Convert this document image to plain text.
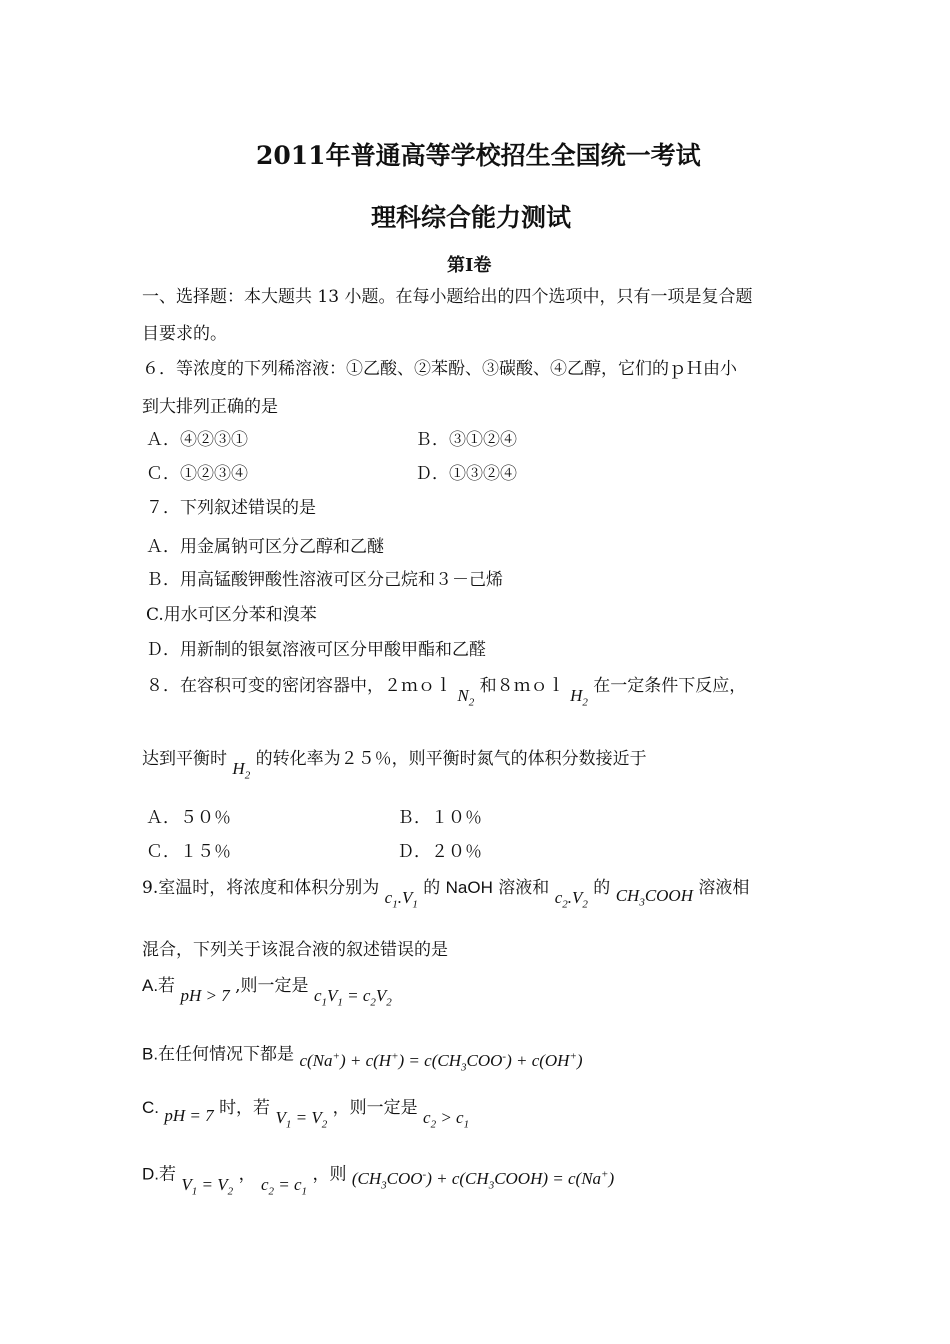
2011年普通高等学校招生全国统一考试
理科综合能力测试
第Ⅰ卷
一、选择题：本大题共 13 小题。在每小题给出的四个选项中，只有一项是复合题
目要求的。
６．等浓度的下列稀溶液：①乙酸、②苯酚、③碳酸、④乙醇，它们的ｐＨ由小
到大排列正确的是
Ａ．④②③①	Ｂ．③①②④
Ｃ．①②③④	Ｄ．①③②④
７．下列叙述错误的是
Ａ．用金属钠可区分乙醇和乙醚
Ｂ．用高锰酸钾酸性溶液可区分己烷和３－己烯
C.用水可区分苯和溴苯
Ｄ．用新制的银氨溶液可区分甲酸甲酯和乙醛
８．在容积可变的密闭容器中，２ｍｏｌ $N_2$ 和８ｍｏｌ $H_2$ 在一定条件下反应，
达到平衡时 $H_2$ 的转化率为２５％，则平衡时氮气的体积分数接近于
Ａ．５０％	Ｂ．１０％
Ｃ．１５％	Ｄ．２０％
9.室温时，将浓度和体积分别为 $c_1.V_1$ 的 NaOH 溶液和 $c_2.V_2$ 的 $CH_3COOH$ 溶液相
混合，下列关于该混合液的叙述错误的是
A.若 pH > 7 ,则一定是 $c_1V_1 = c_2V_2$
B.在任何情况下都是 $c(Na^+) + c(H^+) = c(CH_3COO^-) + c(OH^+)$
C. pH = 7 时，若 $V_1 = V_2$ ，则一定是 $c_2 > c_1$
D.若 $V_1 = V_2$ ， $c_2 = c_1$ ，则 $(CH_3COO^-)$ + $c(CH_3COOH) = c(Na^+)$
